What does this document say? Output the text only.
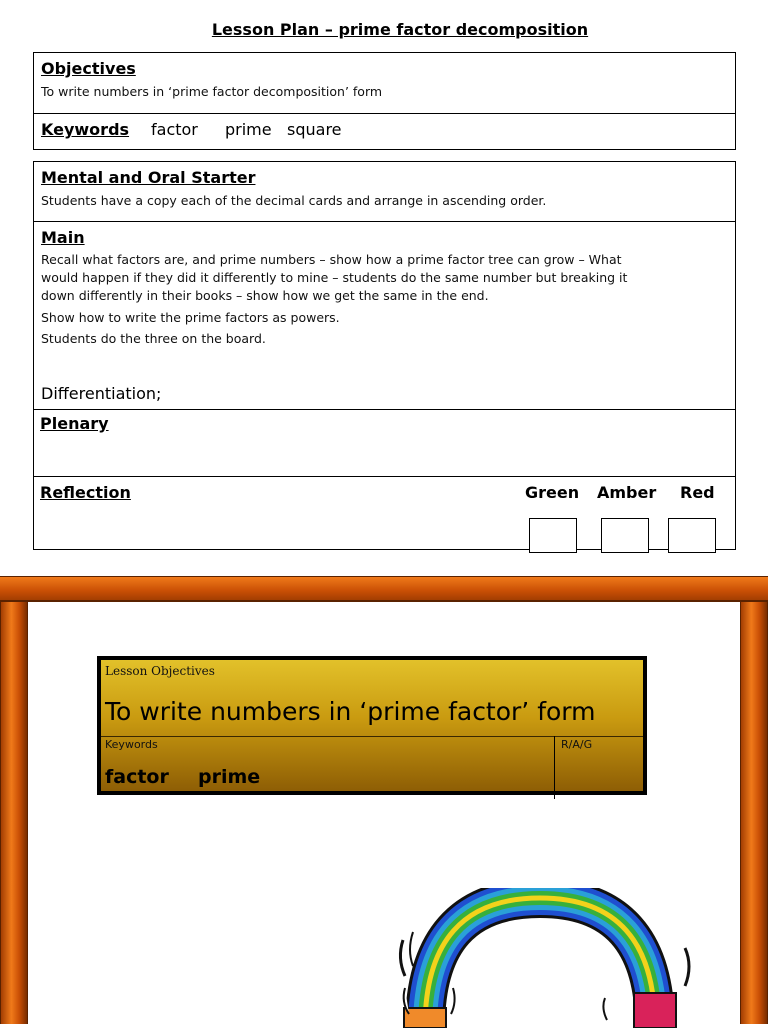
Lesson Plan – prime factor decomposition
Objectives
To write numbers in ‘prime factor decomposition’ form
Keywords factor prime square
Mental and Oral Starter
Students have a copy each of the decimal cards and arrange in ascending order.
Main
Recall what factors are, and prime numbers – show how a prime factor tree can grow – What
would happen if they did it differently to mine – students do the same number but breaking it
down differently in their books – show how we get the same in the end.
Show how to write the prime factors as powers.
Students do the three on the board.
Differentiation;
Plenary
Reflection	Green Amber Red
Lesson Objectives
To write numbers in ‘prime factor’ form
Keywords	R/A/G
factor prime
